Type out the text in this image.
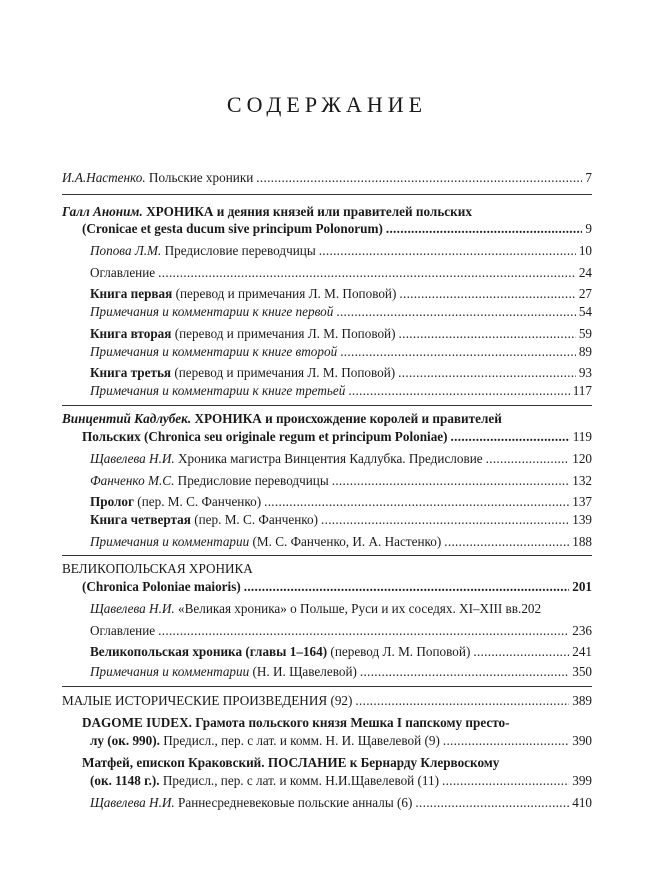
СОДЕРЖАНИЕ
И.А.Настенко. Польские хроники .....	7
Галл Аноним. ХРОНИКА и деяния князей или правителей польских
(Cronicae et gesta ducum sive principum Polonorum) .....	9
Попова Л.М. Предисловие переводчицы .....	10
Оглавление .....	24
Книга первая (перевод и примечания Л. М. Поповой) .....	27
Примечания и комментарии к книге первой .....	54
Книга вторая (перевод и примечания Л. М. Поповой) .....	59
Примечания и комментарии к книге второй .....	89
Книга третья (перевод и примечания Л. М. Поповой) .....	93
Примечания и комментарии к книге третьей .....	117
Винцентий Кадлубек. ХРОНИКА и происхождение королей и правителей
Польских (Chronica seu originale regum et principum Poloniae) .....	119
Щавелева Н.И. Хроника магистра Винцентия Кадлубка. Предисловие .....	120
Фанченко М.С. Предисловие переводчицы .....	132
Пролог (пер. М. С. Фанченко) .....	137
Книга четвертая (пер. М. С. Фанченко) .....	139
Примечания и комментарии (М. С. Фанченко, И. А. Настенко) .....	188
ВЕЛИКОПОЛЬСКАЯ ХРОНИКА
(Chronica Poloniae maioris) .....	201
Щавелева Н.И. «Великая хроника» о Польше, Руси и их соседях. XI–XIII вв.202
Оглавление .....	236
Великопольская хроника (главы 1–164) (перевод Л. М. Поповой) .....	241
Примечания и комментарии (Н. И. Щавелевой) .....	350
МАЛЫЕ ИСТОРИЧЕСКИЕ ПРОИЗВЕДЕНИЯ (92) .....	389
DAGOME IUDEX. Грамота польского князя Мешка I папскому престо-
лу (ок. 990). Предисл., пер. с лат. и комм. Н. И. Щавелевой (9) .....	390
Матфей, епископ Краковский. ПОСЛАНИЕ к Бернарду Клервоскому
(ок. 1148 г.). Предисл., пер. с лат. и комм. Н.И.Щавелевой (11) .....	399
Щавелева Н.И. Раннесредневековые польские анналы (6) .....	410
